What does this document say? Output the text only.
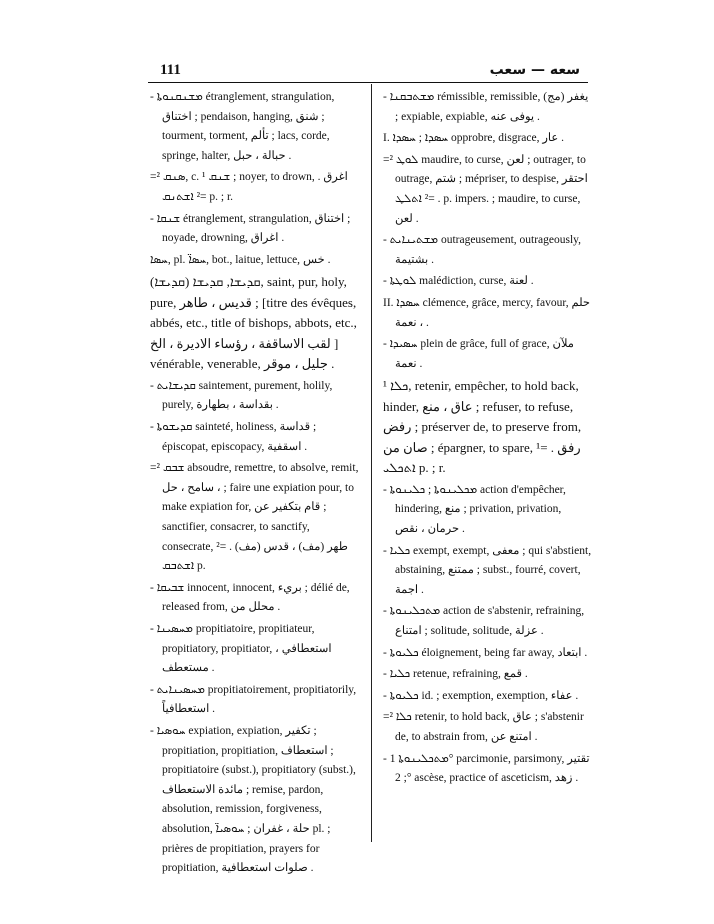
111	سعه — سعب
- ܡܫܢܩܢܘܬܐ étranglement, strangulation, اختناق ; pendaison, hanging, شنق ; tourment, torment, تألم ; lacs, corde, springe, halter, حبالة ، حبل .
=² ܣܢܩ, c. ¹ ܫܢܩ ; noyer, to drown, اغرق . =² ܐܫܬܢܩ p. ; r.
- ܫܢܩܐ étranglement, strangulation, اختناق ; noyade, drowning, اغراق .
ܚܣܐ, pl. ܚܣܐ̈, bot., laitue, lettuce, خس .
(ܩܕܝܫܐ) ܩܕܝܫܐ, ܩܕܝܫܐ, saint, pur, holy, pure, قديس ، طاهر ; [titre des évêques, abbés, etc., title of bishops, abbots, etc., لقب الاساقفة ، رؤساء الاديرة ، الخ ] vénérable, venerable, جليل ، موقر .
- ܩܕܝܫܐܝܬ saintement, purement, holily, purely, بقداسة ، بطهارة .
- ܩܕܝܫܘܬܐ sainteté, holiness, قداسة ; épiscopat, episcopacy, اسقفية .
=² ܫܒܩ absoudre, remettre, to absolve, remit, سامح ، حل ، ; faire une expiation pour, to make expiation for, قام بتكفير عن ; sanctifier, consacrer, to sanctify, consecrate, طهر (مف) ، قدس (مف) . =² ܐܫܬܒܩ p.
- ܫܒܝܩܐ innocent, innocent, بريء ; délié de, released from, محلل من .
- ܡܚܣܝܢܐ propitiatoire, propitiateur, propitiatory, propitiator, استعطافي ، مستعطف .
- ܡܚܣܝܢܐܝܬ propitiatoirement, propitiatorily, استعطافياً .
- ܚܘܣܝܐ expiation, expiation, تكفير ; propitiation, propitiation, استعطاف ; propitiatoire (subst.), propitiatory (subst.), مائدة الاستعطاف ; remise, pardon, absolution, remission, forgiveness, absolution, حلة ، غفران ; ܚܘܣܝܐ̈ pl. ; prières de propitiation, prayers for propitiation, صلوات استعطافية .
- ܡܫܬܒܩܢܐ rémissible, remissible, (مج) يغفر ; expiable, expiable, يوفى عنه .
I. ܚܣܕܐ ; ܚܣܕܐ opprobre, disgrace, عار .
=² ܠܘܛ maudire, to curse, لعن ; outrager, to outrage, شتم ; mépriser, to despise, احتقر . =² ܐܬܠܛ p. impers. ; maudire, to curse, لعن .
- ܡܫܬܝܢܐܝܬ outrageusement, outrageously, بشتيمة .
- ܠܘܛܬܐ malédiction, curse, لعنة .
II. ܚܣܕܐ clémence, grâce, mercy, favour, حلم ، نعمة .
- ܚܣܝܕܐ plein de grâce, full of grace, ملآن نعمة .
¹ ܟܠܐ, retenir, empêcher, to hold back, hinder, عاق ، منع ; refuser, to refuse, رفض ; préserver de, to preserve from, صان من ; épargner, to spare, رفق . =¹ ܐܬܟܠܝ p. ; r.
- ܡܟܠܝܢܘܬܐ ; ܟܠܝܢܘܬܐ action d'empêcher, hindering, منع ; privation, privation, حرمان ، نقص .
- ܟܠܝܐ exempt, exempt, معفى ; qui s'abstient, abstaining, ممتنع ; subst., fourré, covert, اجمة .
- ܡܬܟܠܝܢܘܬܐ action de s'abstenir, refraining, امتناع ; solitude, solitude, عزلة .
- ܟܠܝܘܬܐ éloignement, being far away, ابتعاد .
- ܟܠܝܐ retenue, refraining, قمع .
- ܟܠܝܘܬܐ id. ; exemption, exemption, عفاء .
=² ܟܠܐ retenir, to hold back, عاق ; s'abstenir de, to abstrain from, امتنع عن .
- ܡܬܟܠܝܢܘܬܐ 1° parcimonie, parsimony, تقتير ; 2° ascèse, practice of asceticism, زهد .
